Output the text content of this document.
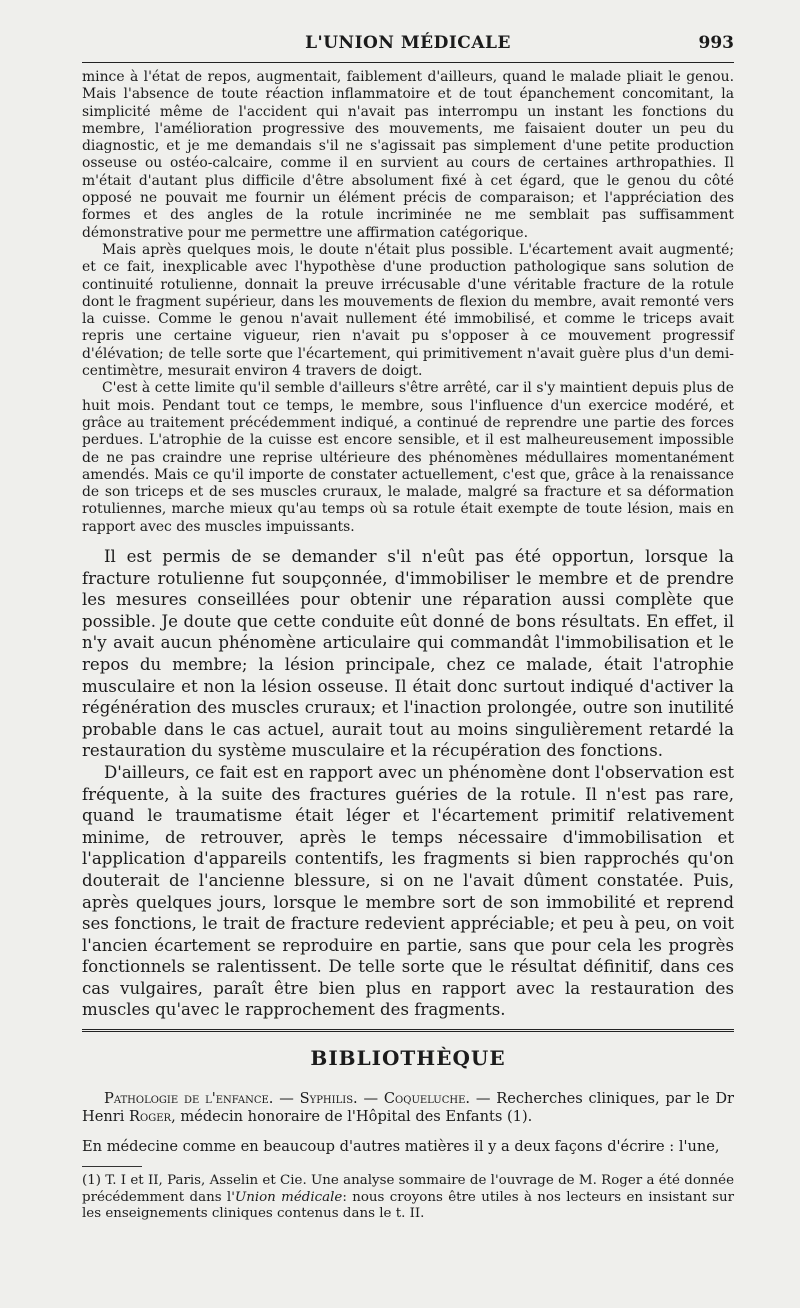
L'UNION MÉDICALE	993

mince à l'état de repos, augmentait, faiblement d'ailleurs, quand le malade pliait le genou. Mais l'absence de toute réaction inflammatoire et de tout épanchement concomitant, la simplicité même de l'accident qui n'avait pas interrompu un instant les fonctions du membre, l'amélioration progressive des mouvements, me faisaient douter un peu du diagnostic, et je me demandais s'il ne s'agissait pas simplement d'une petite production osseuse ou ostéo-calcaire, comme il en survient au cours de certaines arthropathies. Il m'était d'autant plus difficile d'être absolument fixé à cet égard, que le genou du côté opposé ne pouvait me fournir un élément précis de comparaison; et l'appréciation des formes et des angles de la rotule incriminée ne me semblait pas suffisamment démonstrative pour me permettre une affirmation catégorique.

Mais après quelques mois, le doute n'était plus possible. L'écartement avait augmenté; et ce fait, inexplicable avec l'hypothèse d'une production pathologique sans solution de continuité rotulienne, donnait la preuve irrécusable d'une véritable fracture de la rotule dont le fragment supérieur, dans les mouvements de flexion du membre, avait remonté vers la cuisse. Comme le genou n'avait nullement été immobilisé, et comme le triceps avait repris une certaine vigueur, rien n'avait pu s'opposer à ce mouvement progressif d'élévation; de telle sorte que l'écartement, qui primitivement n'avait guère plus d'un demi-centimètre, mesurait environ 4 travers de doigt.

C'est à cette limite qu'il semble d'ailleurs s'être arrêté, car il s'y maintient depuis plus de huit mois. Pendant tout ce temps, le membre, sous l'influence d'un exercice modéré, et grâce au traitement précédemment indiqué, a continué de reprendre une partie des forces perdues. L'atrophie de la cuisse est encore sensible, et il est malheureusement impossible de ne pas craindre une reprise ultérieure des phénomènes médullaires momentanément amendés. Mais ce qu'il importe de constater actuellement, c'est que, grâce à la renaissance de son triceps et de ses muscles cruraux, le malade, malgré sa fracture et sa déformation rotuliennes, marche mieux qu'au temps où sa rotule était exempte de toute lésion, mais en rapport avec des muscles impuissants.

Il est permis de se demander s'il n'eût pas été opportun, lorsque la fracture rotulienne fut soupçonnée, d'immobiliser le membre et de prendre les mesures conseillées pour obtenir une réparation aussi complète que possible. Je doute que cette conduite eût donné de bons résultats. En effet, il n'y avait aucun phénomène articulaire qui commandât l'immobilisation et le repos du membre; la lésion principale, chez ce malade, était l'atrophie musculaire et non la lésion osseuse. Il était donc surtout indiqué d'activer la régénération des muscles cruraux; et l'inaction prolongée, outre son inutilité probable dans le cas actuel, aurait tout au moins singulièrement retardé la restauration du système musculaire et la récupération des fonctions.

D'ailleurs, ce fait est en rapport avec un phénomène dont l'observation est fréquente, à la suite des fractures guéries de la rotule. Il n'est pas rare, quand le traumatisme était léger et l'écartement primitif relativement minime, de retrouver, après le temps nécessaire d'immobilisation et l'application d'appareils contentifs, les fragments si bien rapprochés qu'on douterait de l'ancienne blessure, si on ne l'avait dûment constatée. Puis, après quelques jours, lorsque le membre sort de son immobilité et reprend ses fonctions, le trait de fracture redevient appréciable; et peu à peu, on voit l'ancien écartement se reproduire en partie, sans que pour cela les progrès fonctionnels se ralentissent. De telle sorte que le résultat définitif, dans ces cas vulgaires, paraît être bien plus en rapport avec la restauration des muscles qu'avec le rapprochement des fragments.

BIBLIOTHÈQUE

Pathologie de l'enfance. — Syphilis. — Coqueluche. — Recherches cliniques, par le Dr Henri Roger, médecin honoraire de l'Hôpital des Enfants (1).

En médecine comme en beaucoup d'autres matières il y a deux façons d'écrire : l'une,

(1) T. I et II, Paris, Asselin et Cie. Une analyse sommaire de l'ouvrage de M. Roger a été donnée précédemment dans l'Union médicale: nous croyons être utiles à nos lecteurs en insistant sur les enseignements cliniques contenus dans le t. II.
